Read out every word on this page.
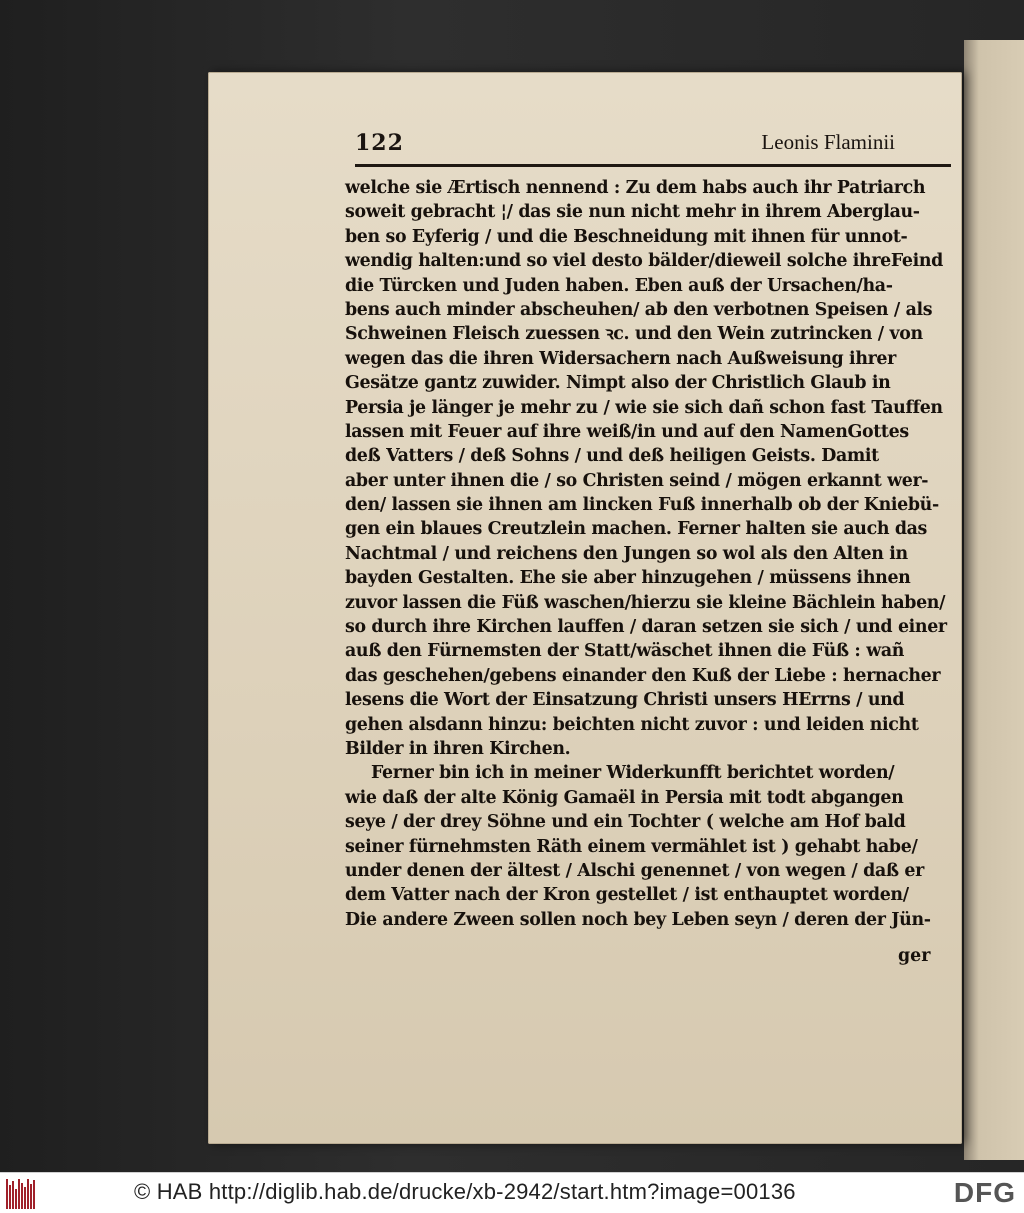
122	Leonis Flaminii
welche sie Ærtisch nennend : Zu dem habs auch ihr Patriarch
soweit gebracht ¦/ das sie nun nicht mehr in ihrem Aberglau-
ben so Eyferig / und die Beschneidung mit ihnen für unnot-
wendig halten:und so viel desto bälder/dieweil solche ihreFeind
die Türcken und Juden haben. Eben auß der Ursachen/ha-
bens auch minder abscheuhen/ ab den verbotnen Speisen / als
Schweinen Fleisch zuessen ꝛc. und den Wein zutrincken / von
wegen das die ihren Widersachern nach Außweisung ihrer
Gesätze gantz zuwider. Nimpt also der Christlich Glaub in
Persia je länger je mehr zu / wie sie sich dañ schon fast Tauffen
lassen mit Feuer auf ihre weiß/in und auf den NamenGottes
deß Vatters / deß Sohns / und deß heiligen Geists. Damit
aber unter ihnen die / so Christen seind / mögen erkannt wer-
den/ lassen sie ihnen am lincken Fuß innerhalb ob der Kniebü-
gen ein blaues Creutzlein machen. Ferner halten sie auch das
Nachtmal / und reichens den Jungen so wol als den Alten in
bayden Gestalten. Ehe sie aber hinzugehen / müssens ihnen
zuvor lassen die Füß waschen/hierzu sie kleine Bächlein haben/
so durch ihre Kirchen lauffen / daran setzen sie sich / und einer
auß den Fürnemsten der Statt/wäschet ihnen die Füß : wañ
das geschehen/gebens einander den Kuß der Liebe : hernacher
lesens die Wort der Einsatzung Christi unsers HErrns / und
gehen alsdann hinzu: beichten nicht zuvor : und leiden nicht
Bilder in ihren Kirchen.
Ferner bin ich in meiner Widerkunfft berichtet worden/
wie daß der alte König Gamaël in Persia mit todt abgangen
seye / der drey Söhne und ein Tochter ( welche am Hof bald
seiner fürnehmsten Räth einem vermählet ist ) gehabt habe/
under denen der ältest / Alschi genennet / von wegen / daß er
dem Vatter nach der Kron gestellet / ist enthauptet worden/
Die andere Zween sollen noch bey Leben seyn / deren der Jün-
ger
© HAB http://diglib.hab.de/drucke/xb-2942/start.htm?image=00136	DFG
